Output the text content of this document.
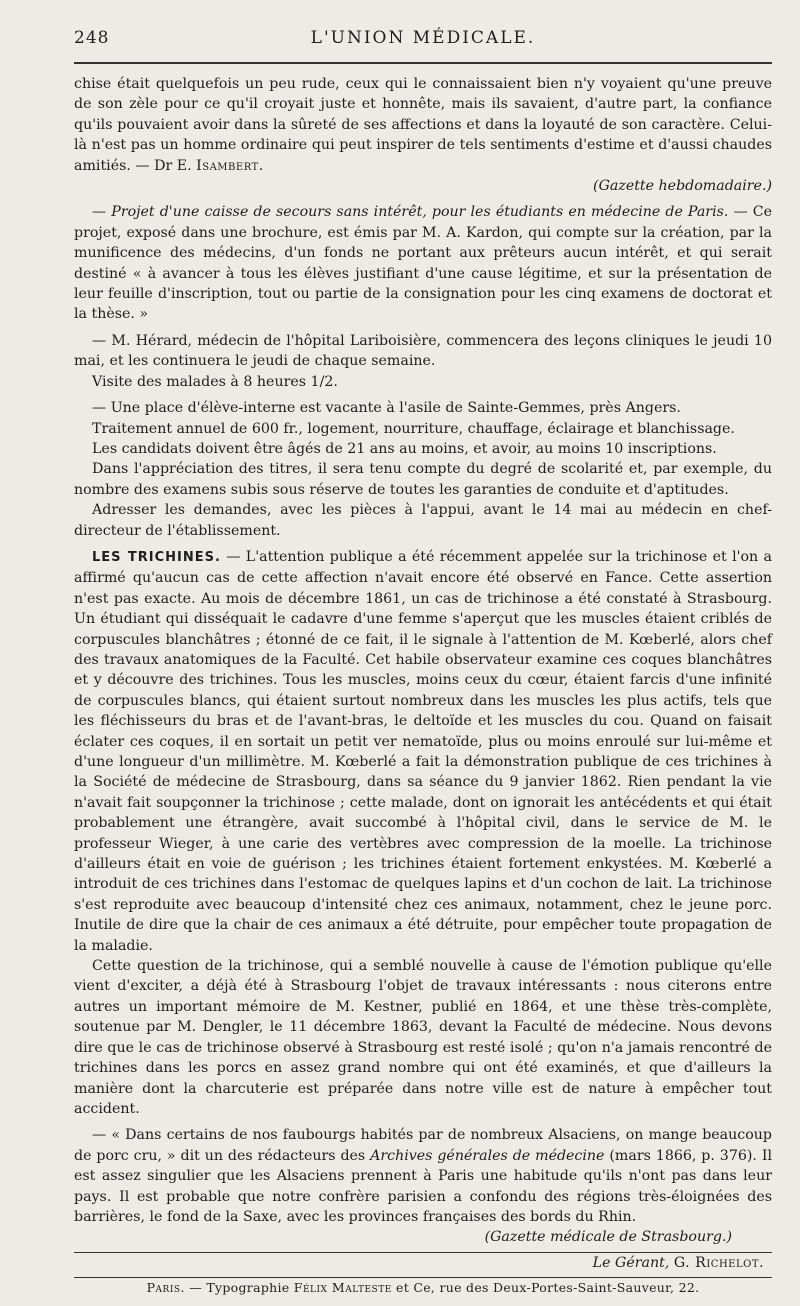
248	L'UNION MÉDICALE.

chise était quelquefois un peu rude, ceux qui le connaissaient bien n'y voyaient qu'une preuve de son zèle pour ce qu'il croyait juste et honnête, mais ils savaient, d'autre part, la confiance qu'ils pouvaient avoir dans la sûreté de ses affections et dans la loyauté de son caractère. Celui-là n'est pas un homme ordinaire qui peut inspirer de tels sentiments d'estime et d'aussi chaudes amitiés. — Dr E. Isambert.

(Gazette hebdomadaire.)

— Projet d'une caisse de secours sans intérêt, pour les étudiants en médecine de Paris. — Ce projet, exposé dans une brochure, est émis par M. A. Kardon, qui compte sur la création, par la munificence des médecins, d'un fonds ne portant aux prêteurs aucun intérêt, et qui serait destiné « à avancer à tous les élèves justifiant d'une cause légitime, et sur la présentation de leur feuille d'inscription, tout ou partie de la consignation pour les cinq examens de doctorat et la thèse. »

— M. Hérard, médecin de l'hôpital Lariboisière, commencera des leçons cliniques le jeudi 10 mai, et les continuera le jeudi de chaque semaine.

Visite des malades à 8 heures 1/2.

— Une place d'élève-interne est vacante à l'asile de Sainte-Gemmes, près Angers.

Traitement annuel de 600 fr., logement, nourriture, chauffage, éclairage et blanchissage.

Les candidats doivent être âgés de 21 ans au moins, et avoir, au moins 10 inscriptions.

Dans l'appréciation des titres, il sera tenu compte du degré de scolarité et, par exemple, du nombre des examens subis sous réserve de toutes les garanties de conduite et d'aptitudes.

Adresser les demandes, avec les pièces à l'appui, avant le 14 mai au médecin en chef-directeur de l'établissement.

LES TRICHINES. — L'attention publique a été récemment appelée sur la trichinose et l'on a affirmé qu'aucun cas de cette affection n'avait encore été observé en Fance. Cette assertion n'est pas exacte. Au mois de décembre 1861, un cas de trichinose a été constaté à Strasbourg. Un étudiant qui disséquait le cadavre d'une femme s'aperçut que les muscles étaient criblés de corpuscules blanchâtres ; étonné de ce fait, il le signale à l'attention de M. Kœberlé, alors chef des travaux anatomiques de la Faculté. Cet habile observateur examine ces coques blanchâtres et y découvre des trichines. Tous les muscles, moins ceux du cœur, étaient farcis d'une infinité de corpuscules blancs, qui étaient surtout nombreux dans les muscles les plus actifs, tels que les fléchisseurs du bras et de l'avant-bras, le deltoïde et les muscles du cou. Quand on faisait éclater ces coques, il en sortait un petit ver nematoïde, plus ou moins enroulé sur lui-même et d'une longueur d'un millimètre. M. Kœberlé a fait la démonstration publique de ces trichines à la Société de médecine de Strasbourg, dans sa séance du 9 janvier 1862. Rien pendant la vie n'avait fait soupçonner la trichinose ; cette malade, dont on ignorait les antécédents et qui était probablement une étrangère, avait succombé à l'hôpital civil, dans le service de M. le professeur Wieger, à une carie des vertèbres avec compression de la moelle. La trichinose d'ailleurs était en voie de guérison ; les trichines étaient fortement enkystées. M. Kœberlé a introduit de ces trichines dans l'estomac de quelques lapins et d'un cochon de lait. La trichinose s'est reproduite avec beaucoup d'intensité chez ces animaux, notamment, chez le jeune porc. Inutile de dire que la chair de ces animaux a été détruite, pour empêcher toute propagation de la maladie.

Cette question de la trichinose, qui a semblé nouvelle à cause de l'émotion publique qu'elle vient d'exciter, a déjà été à Strasbourg l'objet de travaux intéressants : nous citerons entre autres un important mémoire de M. Kestner, publié en 1864, et une thèse très-complète, soutenue par M. Dengler, le 11 décembre 1863, devant la Faculté de médecine. Nous devons dire que le cas de trichinose observé à Strasbourg est resté isolé ; qu'on n'a jamais rencontré de trichines dans les porcs en assez grand nombre qui ont été examinés, et que d'ailleurs la manière dont la charcuterie est préparée dans notre ville est de nature à empêcher tout accident.

— « Dans certains de nos faubourgs habités par de nombreux Alsaciens, on mange beaucoup de porc cru, » dit un des rédacteurs des Archives générales de médecine (mars 1866, p. 376). Il est assez singulier que les Alsaciens prennent à Paris une habitude qu'ils n'ont pas dans leur pays. Il est probable que notre confrère parisien a confondu des régions très-éloignées des barrières, le fond de la Saxe, avec les provinces françaises des bords du Rhin.

(Gazette médicale de Strasbourg.)

Le Gérant, G. Richelot.

Paris. — Typographie Félix Malteste et Ce, rue des Deux-Portes-Saint-Sauveur, 22.
